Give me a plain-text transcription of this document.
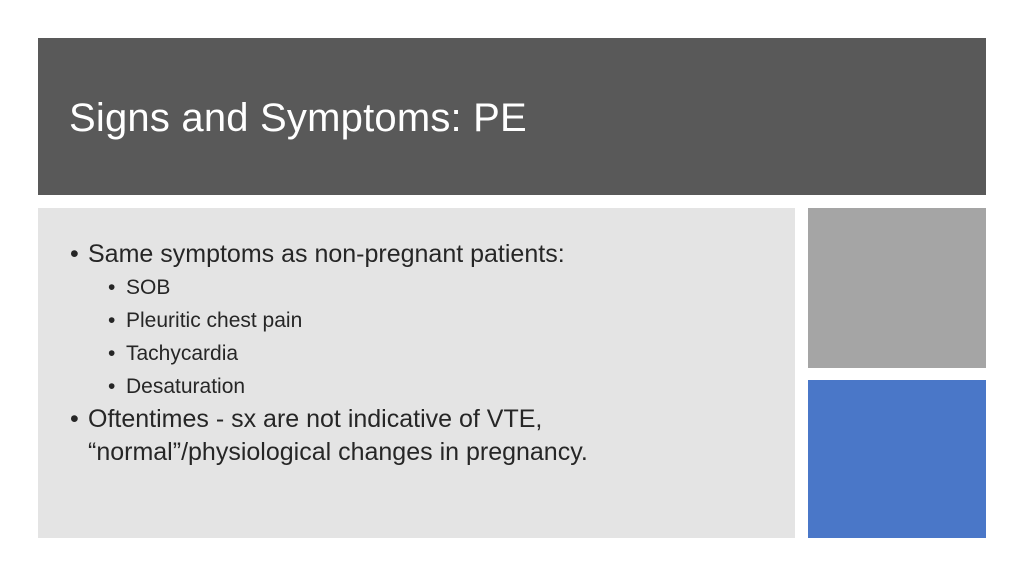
Signs and Symptoms: PE
• Same symptoms as non-pregnant patients:
• SOB
• Pleuritic chest pain
• Tachycardia
• Desaturation
• Oftentimes - sx are not indicative of VTE, “normal”/physiological changes in pregnancy.
